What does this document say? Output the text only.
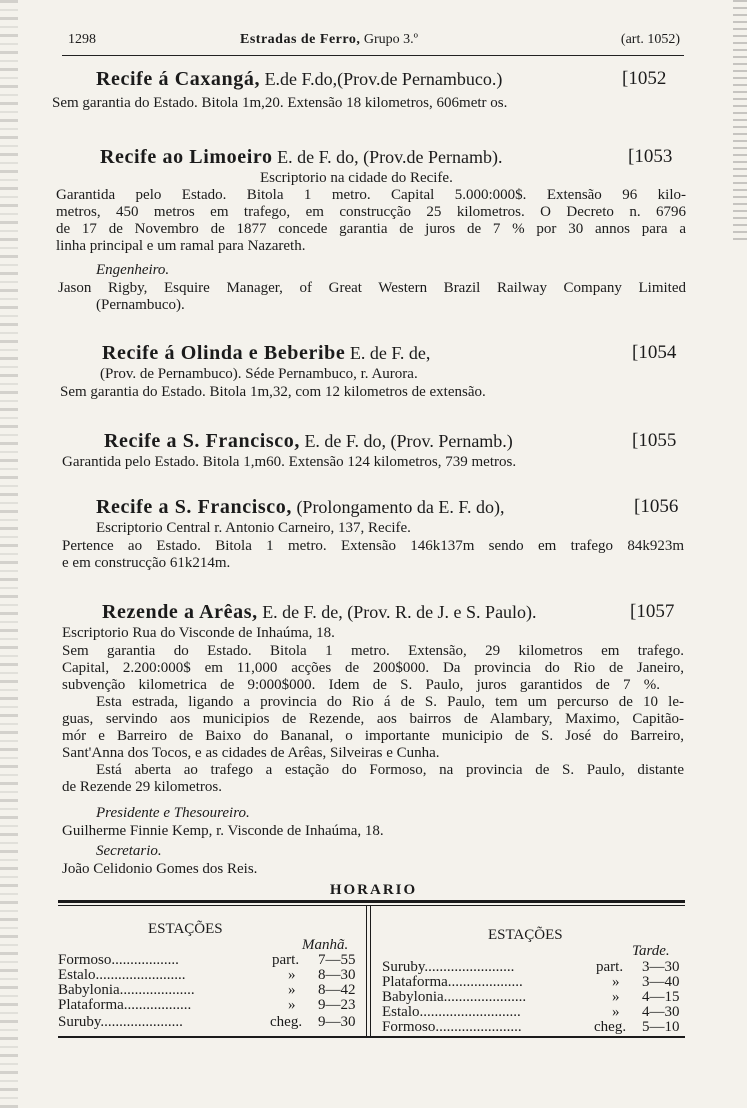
1298	Estradas de Ferro, Grupo 3.º	(art. 1052)
Recife á Caxangá, E.de F.do,(Prov.de Pernambuco.)	[1052
Sem garantia do Estado. Bitola 1m,20. Extensão 18 kilometros, 606metr os.
Recife ao Limoeiro E. de F. do, (Prov.de Pernamb).	[1053
Escriptorio na cidade do Recife.
Garantida pelo Estado. Bitola 1 metro. Capital 5.000:000$. Extensão 96 kilo-
metros, 450 metros em trafego, em construcção 25 kilometros. O Decreto n. 6796
de 17 de Novembro de 1877 concede garantia de juros de 7 % por 30 annos para a
linha principal e um ramal para Nazareth.
Engenheiro.
Jason Rigby, Esquire Manager, of Great Western Brazil Railway Company Limited
(Pernambuco).
Recife á Olinda e Beberibe E. de F. de,	[1054
(Prov. de Pernambuco). Séde Pernambuco, r. Aurora.
Sem garantia do Estado. Bitola 1m,32, com 12 kilometros de extensão.
Recife a S. Francisco, E. de F. do, (Prov. Pernamb.)	[1055
Garantida pelo Estado. Bitola 1,m60. Extensão 124 kilometros, 739 metros.
Recife a S. Francisco, (Prolongamento da E. F. do),	[1056
Escriptorio Central r. Antonio Carneiro, 137, Recife.
Pertence ao Estado. Bitola 1 metro. Extensão 146k137m sendo em trafego 84k923m
e em construcção 61k214m.
Rezende a Arêas, E. de F. de, (Prov. R. de J. e S. Paulo).	[1057
Escriptorio Rua do Visconde de Inhaúma, 18.
Sem garantia do Estado. Bitola 1 metro. Extensão, 29 kilometros em trafego.
Capital, 2.200:000$ em 11,000 acções de 200$000. Da provincia do Rio de Janeiro,
subvenção kilometrica de 9:000$000. Idem de S. Paulo, juros garantidos de 7 %.
Esta estrada, ligando a provincia do Rio á de S. Paulo, tem um percurso de 10 le-
guas, servindo aos municipios de Rezende, aos bairros de Alambary, Maximo, Capitão-
mór e Barreiro de Baixo do Bananal, o importante municipio de S. José do Barreiro,
Sant'Anna dos Tocos, e as cidades de Arêas, Silveiras e Cunha.
Está aberta ao trafego a estação do Formoso, na provincia de S. Paulo, distante
de Rezende 29 kilometros.
Presidente e Thesoureiro.
Guilherme Finnie Kemp, r. Visconde de Inhaúma, 18.
Secretario.
João Celidonio Gomes dos Reis.
HORARIO
ESTAÇÕES
Manhã.
Formoso..................	part. 7—55
Estalo........................	» 8—30
Babylonia....................	» 8—42
Plataforma..................	» 9—23
Suruby......................	cheg. 9—30
ESTAÇÕES
Tarde.
Suruby........................	part. 3—30
Plataforma....................	» 3—40
Babylonia......................	» 4—15
Estalo...........................	» 4—30
Formoso.......................	cheg. 5—10
